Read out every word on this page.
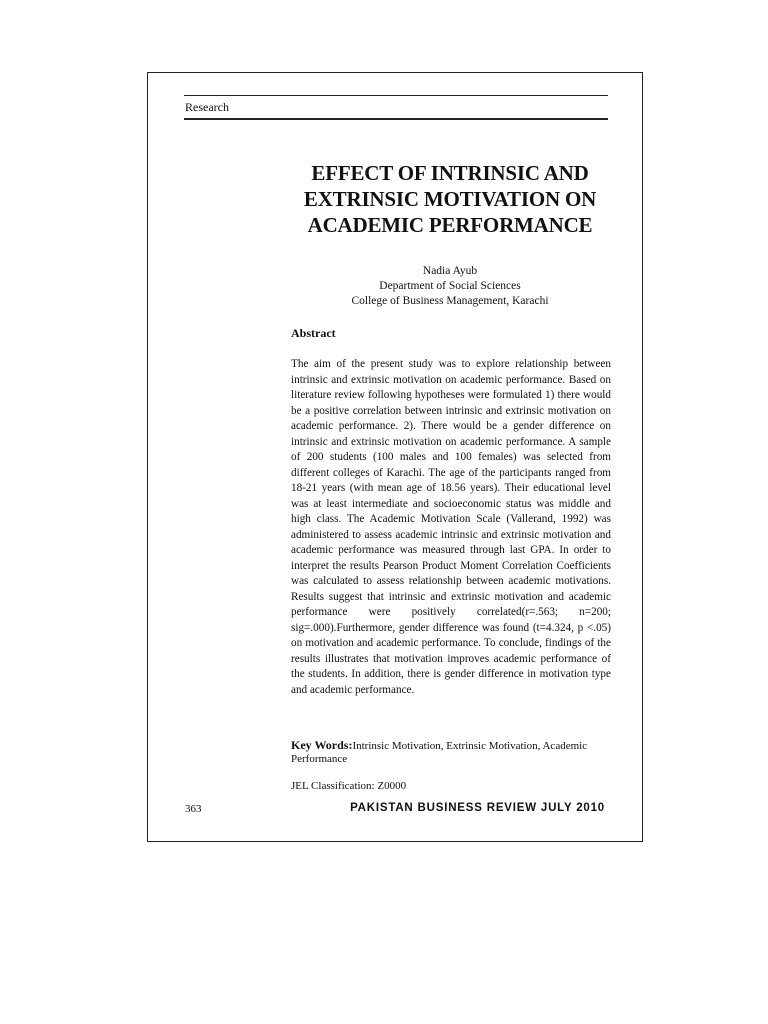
Research
EFFECT OF INTRINSIC AND
EXTRINSIC MOTIVATION ON
ACADEMIC PERFORMANCE
Nadia Ayub
Department of Social Sciences
College of Business Management, Karachi
Abstract
The aim of the present study was to explore relationship between intrinsic and extrinsic motivation on academic performance. Based on literature review following hypotheses were formulated 1) there would be a positive correlation between intrinsic and extrinsic motivation on academic performance. 2). There would be a gender difference on intrinsic and extrinsic motivation on academic performance. A sample of 200 students (100 males and 100 females) was selected from different colleges of Karachi. The age of the participants ranged from 18-21 years (with mean age of 18.56 years). Their educational level was at least intermediate and socioeconomic status was middle and high class. The Academic Motivation Scale (Vallerand, 1992) was administered to assess academic intrinsic and extrinsic motivation and academic performance was measured through last GPA. In order to interpret the results Pearson Product Moment Correlation Coefficients was calculated to assess relationship between academic motivations. Results suggest that intrinsic and extrinsic motivation and academic performance were positively correlated(r=.563; n=200; sig=.000).Furthermore, gender difference was found (t=4.324, p <.05) on motivation and academic performance. To conclude, findings of the results illustrates that motivation improves academic performance of the students. In addition, there is gender difference in motivation type and academic performance.
Key Words:Intrinsic Motivation, Extrinsic Motivation, Academic Performance
JEL Classification: Z0000
363	PAKISTAN BUSINESS REVIEW JULY 2010
